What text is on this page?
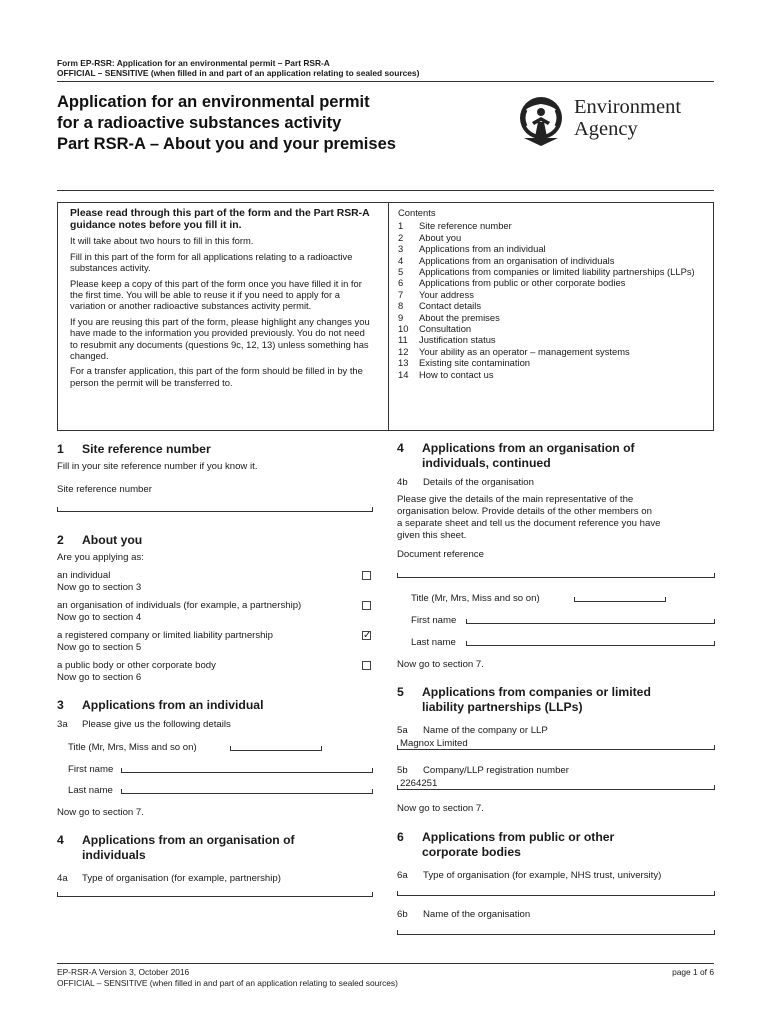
Form EP-RSR: Application for an environmental permit – Part RSR-A
OFFICIAL – SENSITIVE (when filled in and part of an application relating to sealed sources)
Application for an environmental permit
for a radioactive substances activity
Part RSR-A – About you and your premises
Environment
Agency
Please read through this part of the form and the Part RSR-A guidance notes before you fill it in.

It will take about two hours to fill in this form.

Fill in this part of the form for all applications relating to a radioactive substances activity.

Please keep a copy of this part of the form once you have filled it in for the first time. You will be able to reuse it if you need to apply for a variation or another radioactive substances activity permit.

If you are reusing this part of the form, please highlight any changes you have made to the information you provided previously. You do not need to resubmit any documents (questions 9c, 12, 13) unless something has changed.

For a transfer application, this part of the form should be filled in by the person the permit will be transferred to.

Contents
1	Site reference number
2	About you
3	Applications from an individual
4	Applications from an organisation of individuals
5	Applications from companies or limited liability partnerships (LLPs)
6	Applications from public or other corporate bodies
7	Your address
8	Contact details
9	About the premises
10	Consultation
11	Justification status
12	Your ability as an operator – management systems
13	Existing site contamination
14	How to contact us
1 Site reference number
Fill in your site reference number if you know it.
Site reference number
2 About you
Are you applying as:
an individual
Now go to section 3
an organisation of individuals (for example, a partnership)
Now go to section 4
a registered company or limited liability partnership
Now go to section 5
✓
a public body or other corporate body
Now go to section 6
3 Applications from an individual
3a Please give us the following details
Title (Mr, Mrs, Miss and so on)
First name
Last name
Now go to section 7.
4 Applications from an organisation of individuals
4a Type of organisation (for example, partnership)
4 Applications from an organisation of
individuals, continued
4b Details of the organisation
Please give the details of the main representative of the
organisation below. Provide details of the other members on
a separate sheet and tell us the document reference you have
given this sheet.
Document reference
Title (Mr, Mrs, Miss and so on)
First name
Last name
Now go to section 7.
5 Applications from companies or limited
liability partnerships (LLPs)
5a Name of the company or LLP
Magnox Limited
5b Company/LLP registration number
2264251
Now go to section 7.
6 Applications from public or other
corporate bodies
6a Type of organisation (for example, NHS trust, university)
6b Name of the organisation
EP-RSR-A Version 3, October 2016	page 1 of 6
OFFICIAL – SENSITIVE (when filled in and part of an application relating to sealed sources)
